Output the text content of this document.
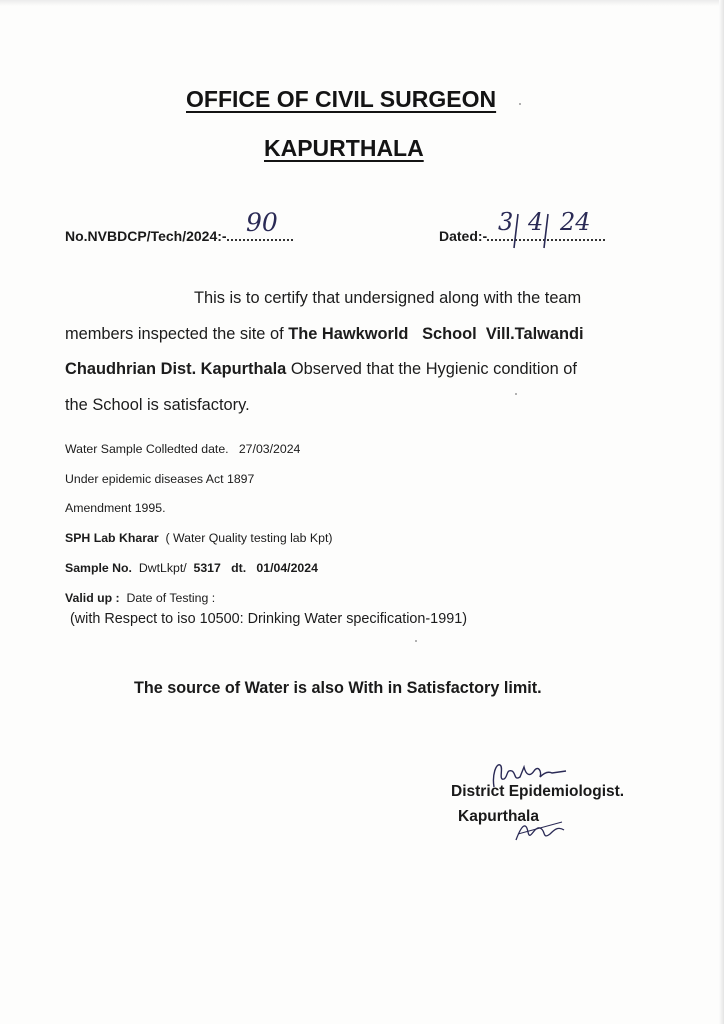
OFFICE OF CIVIL SURGEON
KAPURTHALA
No.NVBDCP/Tech/2024:- 90	Dated:- 3 4 24
This is to certify that undersigned along with the team
members inspected the site of The Hawkworld   School  Vill.Talwandi
Chaudhrian Dist. Kapurthala Observed that the Hygienic condition of
the School is satisfactory.
Water Sample Colledted date. 27/03/2024
Under epidemic diseases Act 1897
Amendment 1995.
SPH Lab Kharar ( Water Quality testing lab Kpt)
Sample No. DwtLkpt/ 5317 dt. 01/04/2024
Valid up : Date of Testing :
(with Respect to iso 10500: Drinking Water specification-1991)
The source of Water is also With in Satisfactory limit.
District Epidemiologist.
Kapurthala
